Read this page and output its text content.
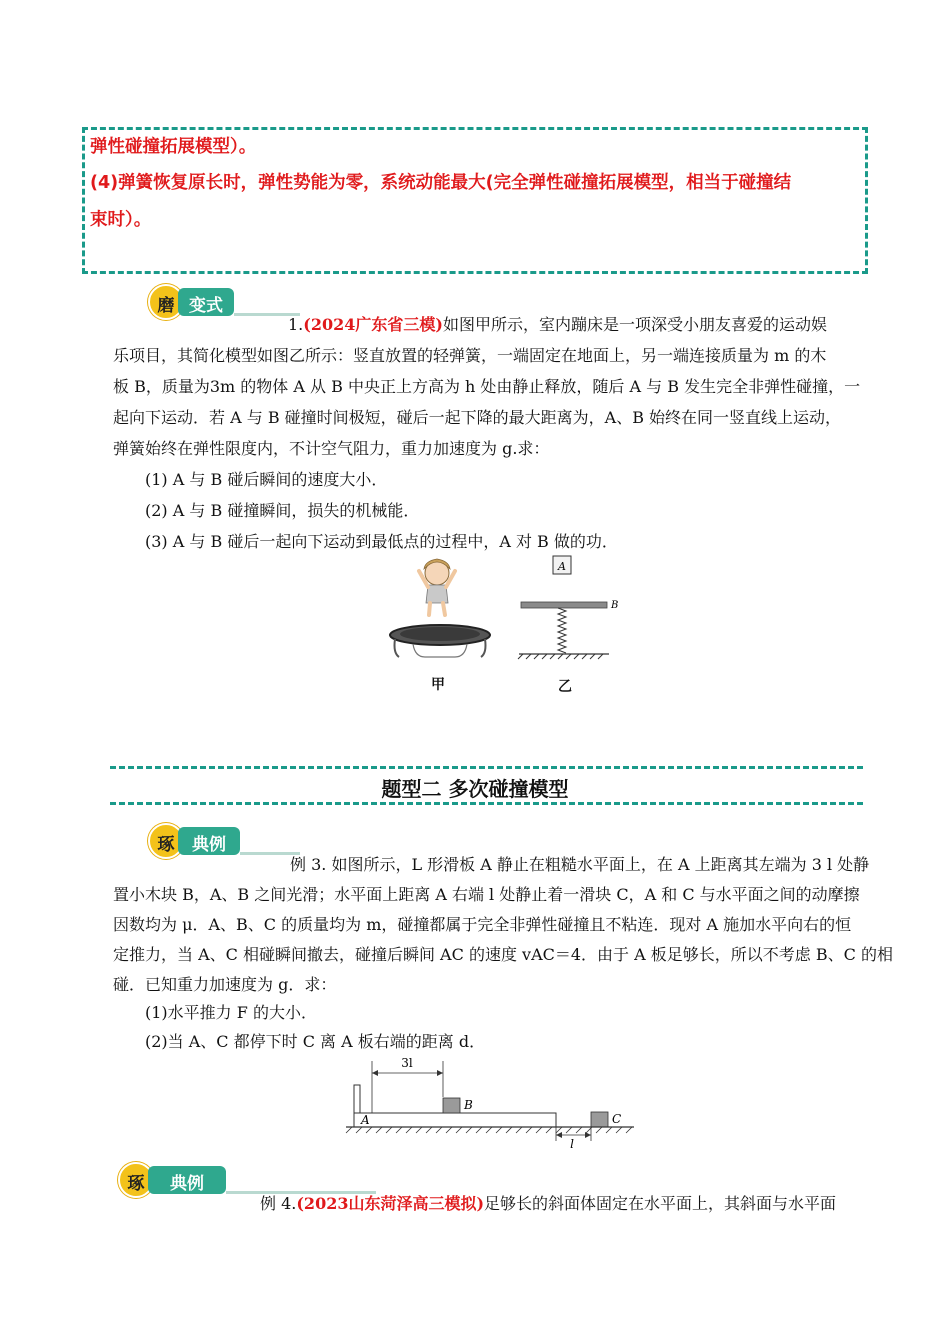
弹性碰撞拓展模型）。
(4)弹簧恢复原长时，弹性势能为零，系统动能最大(完全弹性碰撞拓展模型，相当于碰撞结
束时）。
磨 变式
1.(2024广东省三模)如图甲所示，室内蹦床是一项深受小朋友喜爱的运动娱
乐项目，其简化模型如图乙所示：竖直放置的轻弹簧，一端固定在地面上，另一端连接质量为 m 的木
板 B，质量为3m 的物体 A 从 B 中央正上方高为 h 处由静止释放，随后 A 与 B 发生完全非弹性碰撞，一
起向下运动．若 A 与 B 碰撞时间极短，碰后一起下降的最大距离为，A、B 始终在同一竖直线上运动，
弹簧始终在弹性限度内，不计空气阻力，重力加速度为 g.求：
(1) A 与 B 碰后瞬间的速度大小．
(2) A 与 B 碰撞瞬间，损失的机械能．
(3) A 与 B 碰后一起向下运动到最低点的过程中，A 对 B 做的功．
A
B
甲	乙
题型二 多次碰撞模型
琢	典例
例 3. 如图所示，L 形滑板 A 静止在粗糙水平面上，在 A 上距离其左端为 3 l 处静
置小木块 B，A、B 之间光滑；水平面上距离 A 右端 l 处静止着一滑块 C，A 和 C 与水平面之间的动摩擦
因数均为 μ．A、B、C 的质量均为 m，碰撞都属于完全非弹性碰撞且不粘连．现对 A 施加水平向右的恒
定推力，当 A、C 相碰瞬间撤去，碰撞后瞬间 AC 的速度 vAC＝4．由于 A 板足够长，所以不考虑 B、C 的相
碰．已知重力加速度为 g．求：
(1)水平推力 F 的大小．
(2)当 A、C 都停下时 C 离 A 板右端的距离 d．
3l
A
B
C
l
琢	典例
例 4.(2023山东菏泽高三模拟)足够长的斜面体固定在水平面上，其斜面与水平面
